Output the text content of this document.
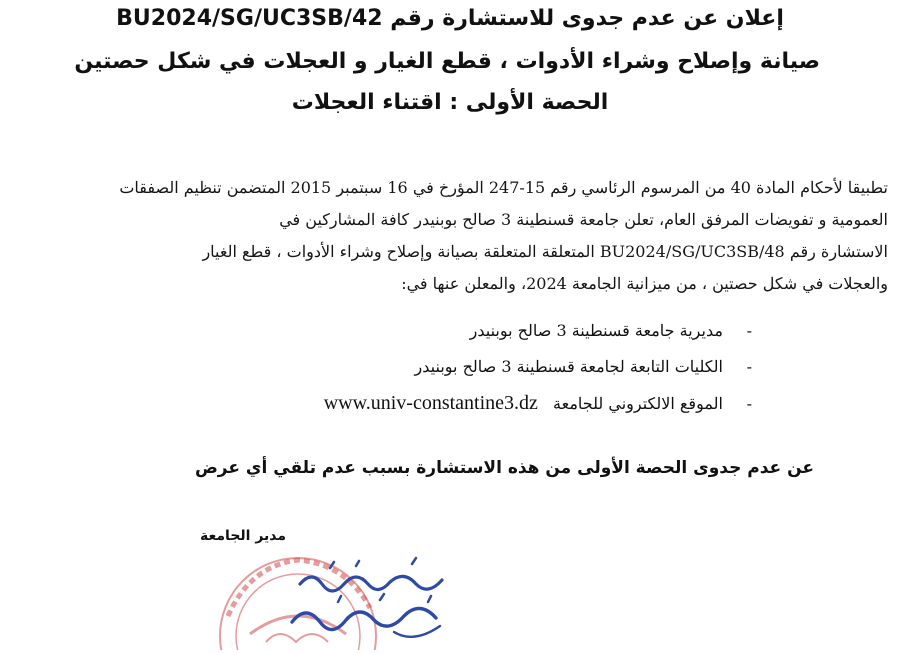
إعلان عن عدم جدوى للاستشارة رقم BU2024/SG/UC3SB/42
صيانة وإصلاح وشراء الأدوات ، قطع الغيار و العجلات في شكل حصتين
الحصة الأولى : اقتناء العجلات
تطبيقا لأحكام المادة 40 من المرسوم الرئاسي رقم 15-247 المؤرخ في 16 سبتمبر 2015 المتضمن تنظيم الصفقات
العمومية و تفويضات المرفق العام، تعلن جامعة قسنطينة 3 صالح بوبنيدر كافة المشاركين في
الاستشارة رقم BU2024/SG/UC3SB/48 المتعلقة المتعلقة بصيانة وإصلاح وشراء الأدوات ، قطع الغيار
والعجلات في شكل حصتين ، من ميزانية الجامعة 2024، والمعلن عنها في:
- مديرية جامعة قسنطينة 3 صالح بوبنيدر
- الكليات التابعة لجامعة قسنطينة 3 صالح بوبنيدر
- الموقع الالكتروني للجامعة www.univ-constantine3.dz
عن عدم جدوى الحصة الأولى من هذه الاستشارة بسبب عدم تلقي أي عرض
مدير الجامعة
